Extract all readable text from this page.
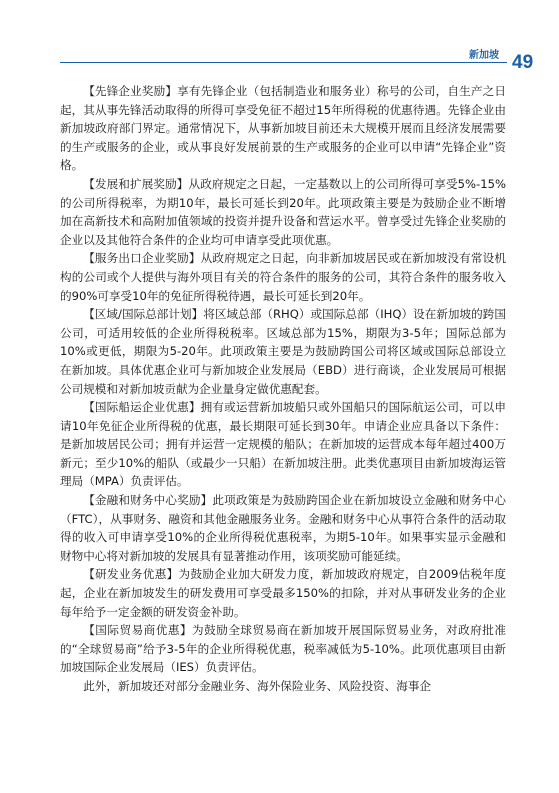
新加坡 49

【先锋企业奖励】享有先锋企业（包括制造业和服务业）称号的公司，自生产之日起，其从事先锋活动取得的所得可享受免征不超过15年所得税的优惠待遇。先锋企业由新加坡政府部门界定。通常情况下，从事新加坡目前还未大规模开展而且经济发展需要的生产或服务的企业，或从事良好发展前景的生产或服务的企业可以申请“先锋企业”资格。

【发展和扩展奖励】从政府规定之日起，一定基数以上的公司所得可享受5%-15%的公司所得税率，为期10年，最长可延长到20年。此项政策主要是为鼓励企业不断增加在高新技术和高附加值领域的投资并提升设备和营运水平。曾享受过先锋企业奖励的企业以及其他符合条件的企业均可申请享受此项优惠。

【服务出口企业奖励】从政府规定之日起，向非新加坡居民或在新加坡没有常设机构的公司或个人提供与海外项目有关的符合条件的服务的公司，其符合条件的服务收入的90%可享受10年的免征所得税待遇，最长可延长到20年。

【区域/国际总部计划】将区域总部（RHQ）或国际总部（IHQ）设在新加坡的跨国公司，可适用较低的企业所得税税率。区域总部为15%，期限为3-5年；国际总部为10%或更低，期限为5-20年。此项政策主要是为鼓励跨国公司将区域或国际总部设立在新加坡。具体优惠企业可与新加坡企业发展局（EBD）进行商谈，企业发展局可根据公司规模和对新加坡贡献为企业量身定做优惠配套。

【国际船运企业优惠】拥有或运营新加坡船只或外国船只的国际航运公司，可以申请10年免征企业所得税的优惠，最长期限可延长到30年。申请企业应具备以下条件：是新加坡居民公司；拥有并运营一定规模的船队；在新加坡的运营成本每年超过400万新元；至少10%的船队（或最少一只船）在新加坡注册。此类优惠项目由新加坡海运管理局（MPA）负责评估。

【金融和财务中心奖励】此项政策是为鼓励跨国企业在新加坡设立金融和财务中心（FTC），从事财务、融资和其他金融服务业务。金融和财务中心从事符合条件的活动取得的收入可申请享受10%的企业所得税优惠税率，为期5-10年。如果事实显示金融和财物中心将对新加坡的发展具有显著推动作用，该项奖励可能延续。

【研发业务优惠】为鼓励企业加大研发力度，新加坡政府规定，自2009估税年度起，企业在新加坡发生的研发费用可享受最多150%的扣除，并对从事研发业务的企业每年给予一定金额的研发资金补助。

【国际贸易商优惠】为鼓励全球贸易商在新加坡开展国际贸易业务，对政府批准的“全球贸易商”给予3-5年的企业所得税优惠，税率减低为5-10%。此项优惠项目由新加坡国际企业发展局（IES）负责评估。

此外，新加坡还对部分金融业务、海外保险业务、风险投资、海事企
